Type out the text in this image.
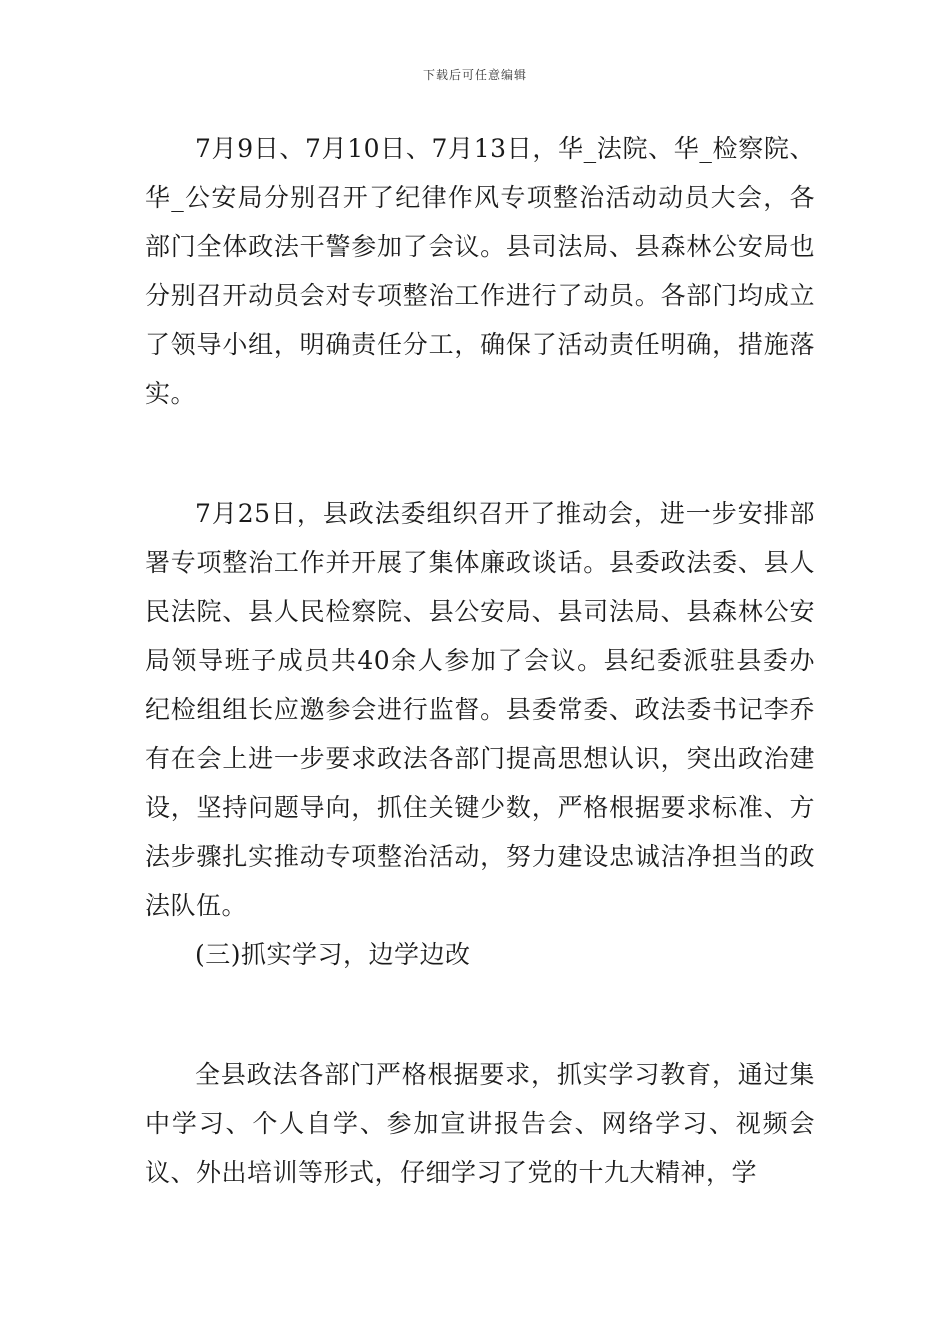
下载后可任意编辑

7月9日、7月10日、7月13日，华_法院、华_检察院、华_公安局分别召开了纪律作风专项整治活动动员大会，各部门全体政法干警参加了会议。县司法局、县森林公安局也分别召开动员会对专项整治工作进行了动员。各部门均成立了领导小组，明确责任分工，确保了活动责任明确，措施落实。

7月25日，县政法委组织召开了推动会，进一步安排部署专项整治工作并开展了集体廉政谈话。县委政法委、县人民法院、县人民检察院、县公安局、县司法局、县森林公安局领导班子成员共40余人参加了会议。县纪委派驻县委办纪检组组长应邀参会进行监督。县委常委、政法委书记李乔有在会上进一步要求政法各部门提高思想认识，突出政治建设，坚持问题导向，抓住关键少数，严格根据要求标准、方法步骤扎实推动专项整治活动，努力建设忠诚洁净担当的政法队伍。

(三)抓实学习，边学边改

全县政法各部门严格根据要求，抓实学习教育，通过集中学习、个人自学、参加宣讲报告会、网络学习、视频会议、外出培训等形式，仔细学习了党的十九大精神，学
